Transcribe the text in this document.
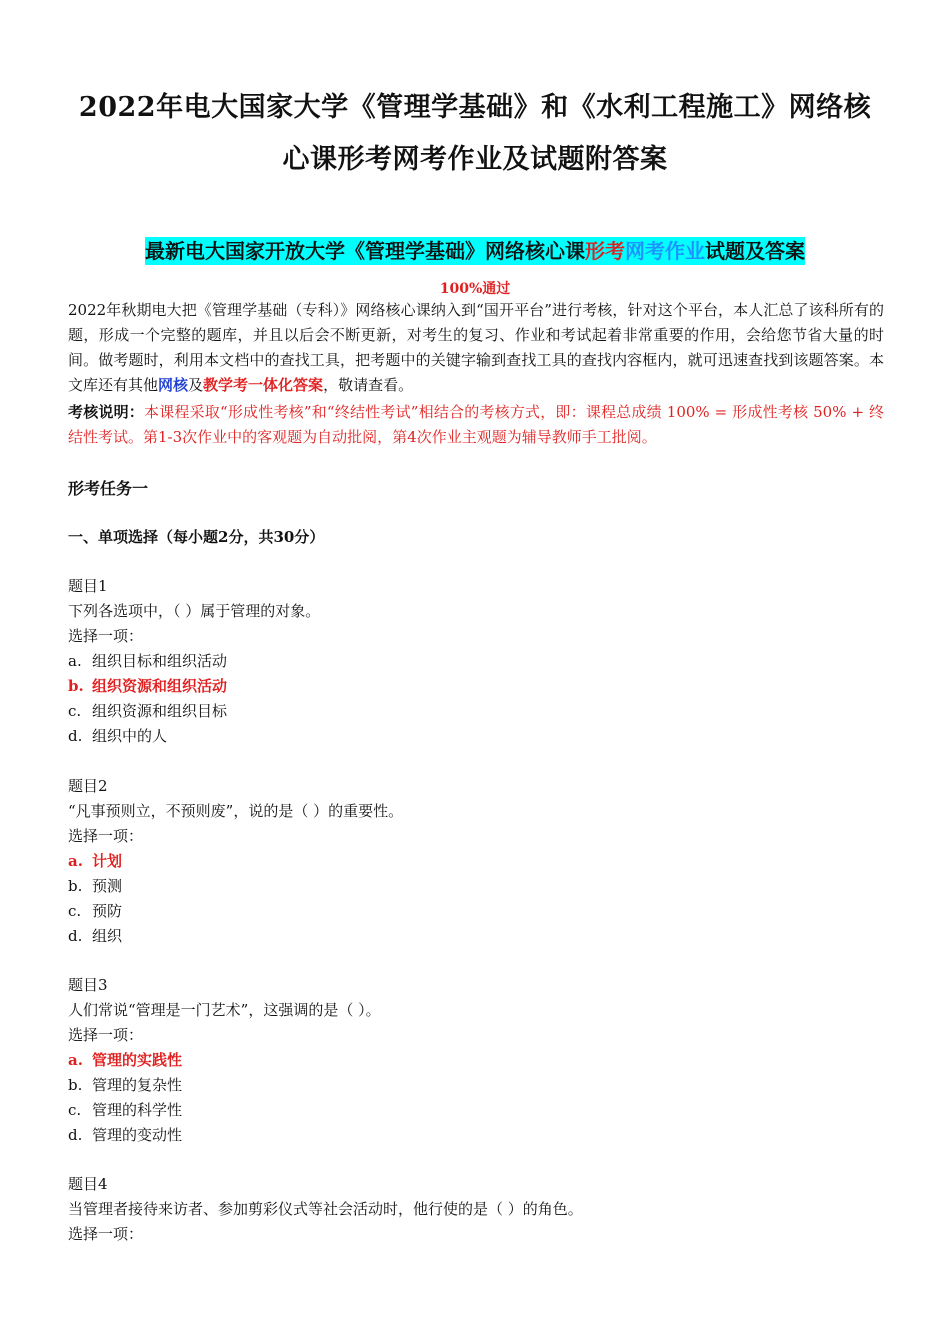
2022年电大国家大学《管理学基础》和《水利工程施工》网络核
心课形考网考作业及试题附答案
最新电大国家开放大学《管理学基础》网络核心课形考网考作业试题及答案
100%通过
2022年秋期电大把《管理学基础（专科）》网络核心课纳入到“国开平台”进行考核，针对这个平台，本人汇总了该科所有的题，形成一个完整的题库，并且以后会不断更新，对考生的复习、作业和考试起着非常重要的作用，会给您节省大量的时间。做考题时，利用本文档中的查找工具，把考题中的关键字输到查找工具的查找内容框内，就可迅速查找到该题答案。本文库还有其他网核及教学考一体化答案，敬请查看。
考核说明：本课程采取“形成性考核”和“终结性考试”相结合的考核方式，即：课程总成绩 100% = 形成性考核 50% + 终结性考试。第1-3次作业中的客观题为自动批阅，第4次作业主观题为辅导教师手工批阅。
形考任务一
一、单项选择（每小题2分，共30分）
题目1
下列各选项中，（ ）属于管理的对象。
选择一项：
a. 组织目标和组织活动
b. 组织资源和组织活动
c. 组织资源和组织目标
d. 组织中的人
题目2
“凡事预则立，不预则废”，说的是（ ）的重要性。
选择一项：
a. 计划
b. 预测
c. 预防
d. 组织
题目3
人们常说“管理是一门艺术”，这强调的是（ ）。
选择一项：
a. 管理的实践性
b. 管理的复杂性
c. 管理的科学性
d. 管理的变动性
题目4
当管理者接待来访者、参加剪彩仪式等社会活动时，他行使的是（ ）的角色。
选择一项：
